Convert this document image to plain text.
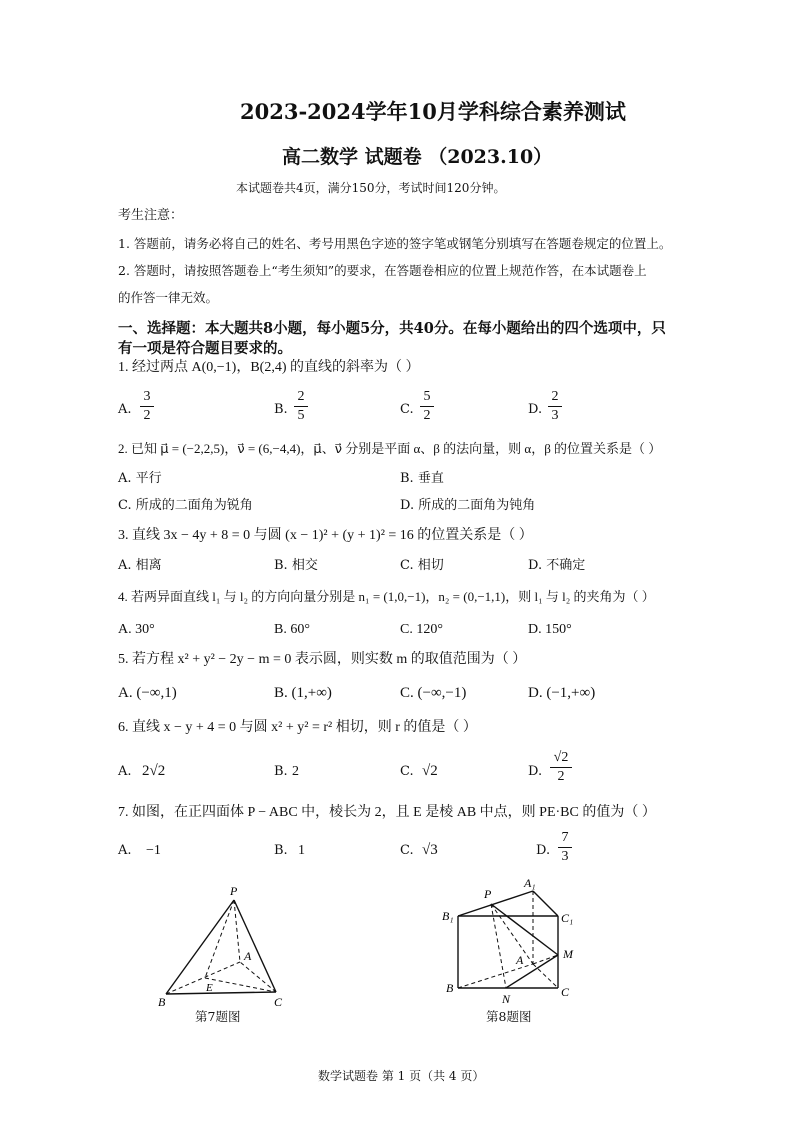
2023-2024学年10月学科综合素养测试
高二数学 试题卷 （2023.10）
本试题卷共4页，满分150分，考试时间120分钟。
考生注意：
1. 答题前，请务必将自己的姓名、考号用黑色字迹的签字笔或钢笔分别填写在答题卷规定的位置上。
2. 答题时，请按照答题卷上“考生须知”的要求，在答题卷相应的位置上规范作答，在本试题卷上
的作答一律无效。
一、选择题：本大题共8小题，每小题5分，共40分。在每小题给出的四个选项中，只
有一项是符合题目要求的。
1. 经过两点 A(0,−1)，B(2,4) 的直线的斜率为（ ）
A.
3
2	B.
2
5	C.
5
2	D.
2
3
2. 已知 μ⃗ = (−2,2,5)，ν⃗ = (6,−4,4)，μ⃗、ν⃗ 分别是平面 α、β 的法向量，则 α，β 的位置关系是（ ）
A. 平行	B. 垂直
C. 所成的二面角为锐角	D. 所成的二面角为钝角
3. 直线 3x − 4y + 8 = 0 与圆 (x − 1)² + (y + 1)² = 16 的位置关系是（ ）
A. 相离	B. 相交	C. 相切	D. 不确定
4. 若两异面直线 l₁ 与 l₂ 的方向向量分别是 n₁ = (1,0,−1)，n₂ = (0,−1,1)，则 l₁ 与 l₂ 的夹角为（ ）
A. 30°	B. 60°	C. 120°	D. 150°
5. 若方程 x² + y² − 2y − m = 0 表示圆，则实数 m 的取值范围为（ ）
A. (−∞,1)	B. (1,+∞)	C. (−∞,−1)	D. (−1,+∞)
6. 直线 x − y + 4 = 0 与圆 x² + y² = r² 相切，则 r 的值是（ ）
A. 2√2	B. 2	C. √2	D.
√2
2
7. 如图，在正四面体 P − ABC 中，棱长为 2，且 E 是棱 AB 中点，则 PE·BC 的值为（ ）
A. −1	B. 1	C. √3	D.
7
3
P
A
E
B	C
第7题图
P
A₁
B₁	C₁
M
A
B
N	C
第8题图
数学试题卷 第 1 页（共 4 页）
